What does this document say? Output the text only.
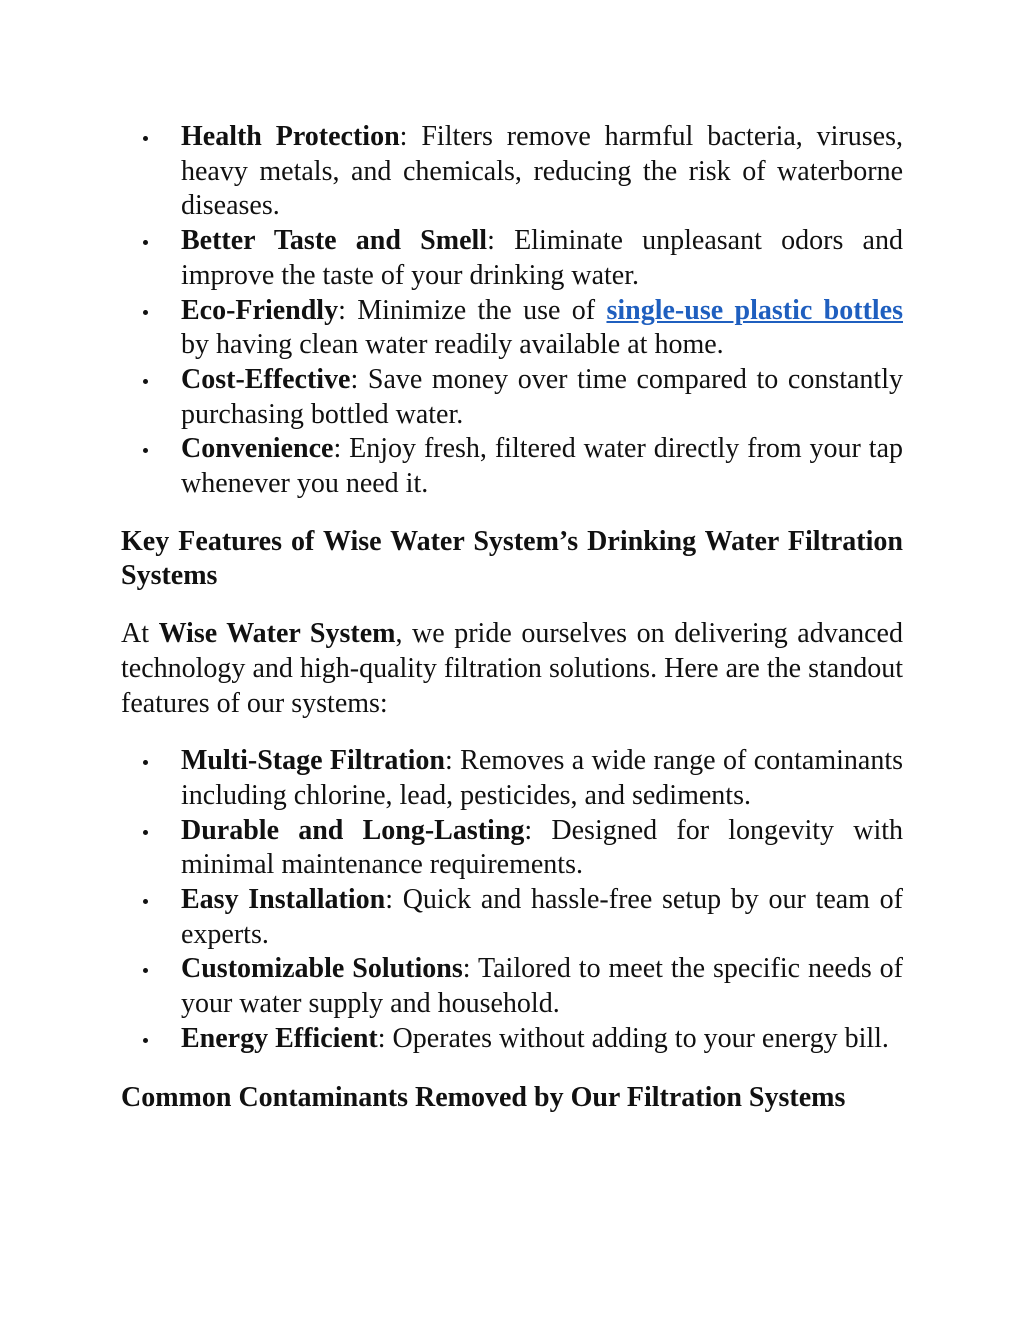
Health Protection: Filters remove harmful bacteria, viruses, heavy metals, and chemicals, reducing the risk of waterborne diseases.
Better Taste and Smell: Eliminate unpleasant odors and improve the taste of your drinking water.
Eco-Friendly: Minimize the use of single-use plastic bottles by having clean water readily available at home.
Cost-Effective: Save money over time compared to constantly purchasing bottled water.
Convenience: Enjoy fresh, filtered water directly from your tap whenever you need it.
Key Features of Wise Water System’s Drinking Water Filtration Systems

At Wise Water System, we pride ourselves on delivering advanced technology and high-quality filtration solutions. Here are the standout features of our systems:

Multi-Stage Filtration: Removes a wide range of contaminants including chlorine, lead, pesticides, and sediments.
Durable and Long-Lasting: Designed for longevity with minimal maintenance requirements.
Easy Installation: Quick and hassle-free setup by our team of experts.
Customizable Solutions: Tailored to meet the specific needs of your water supply and household.
Energy Efficient: Operates without adding to your energy bill.
Common Contaminants Removed by Our Filtration Systems
